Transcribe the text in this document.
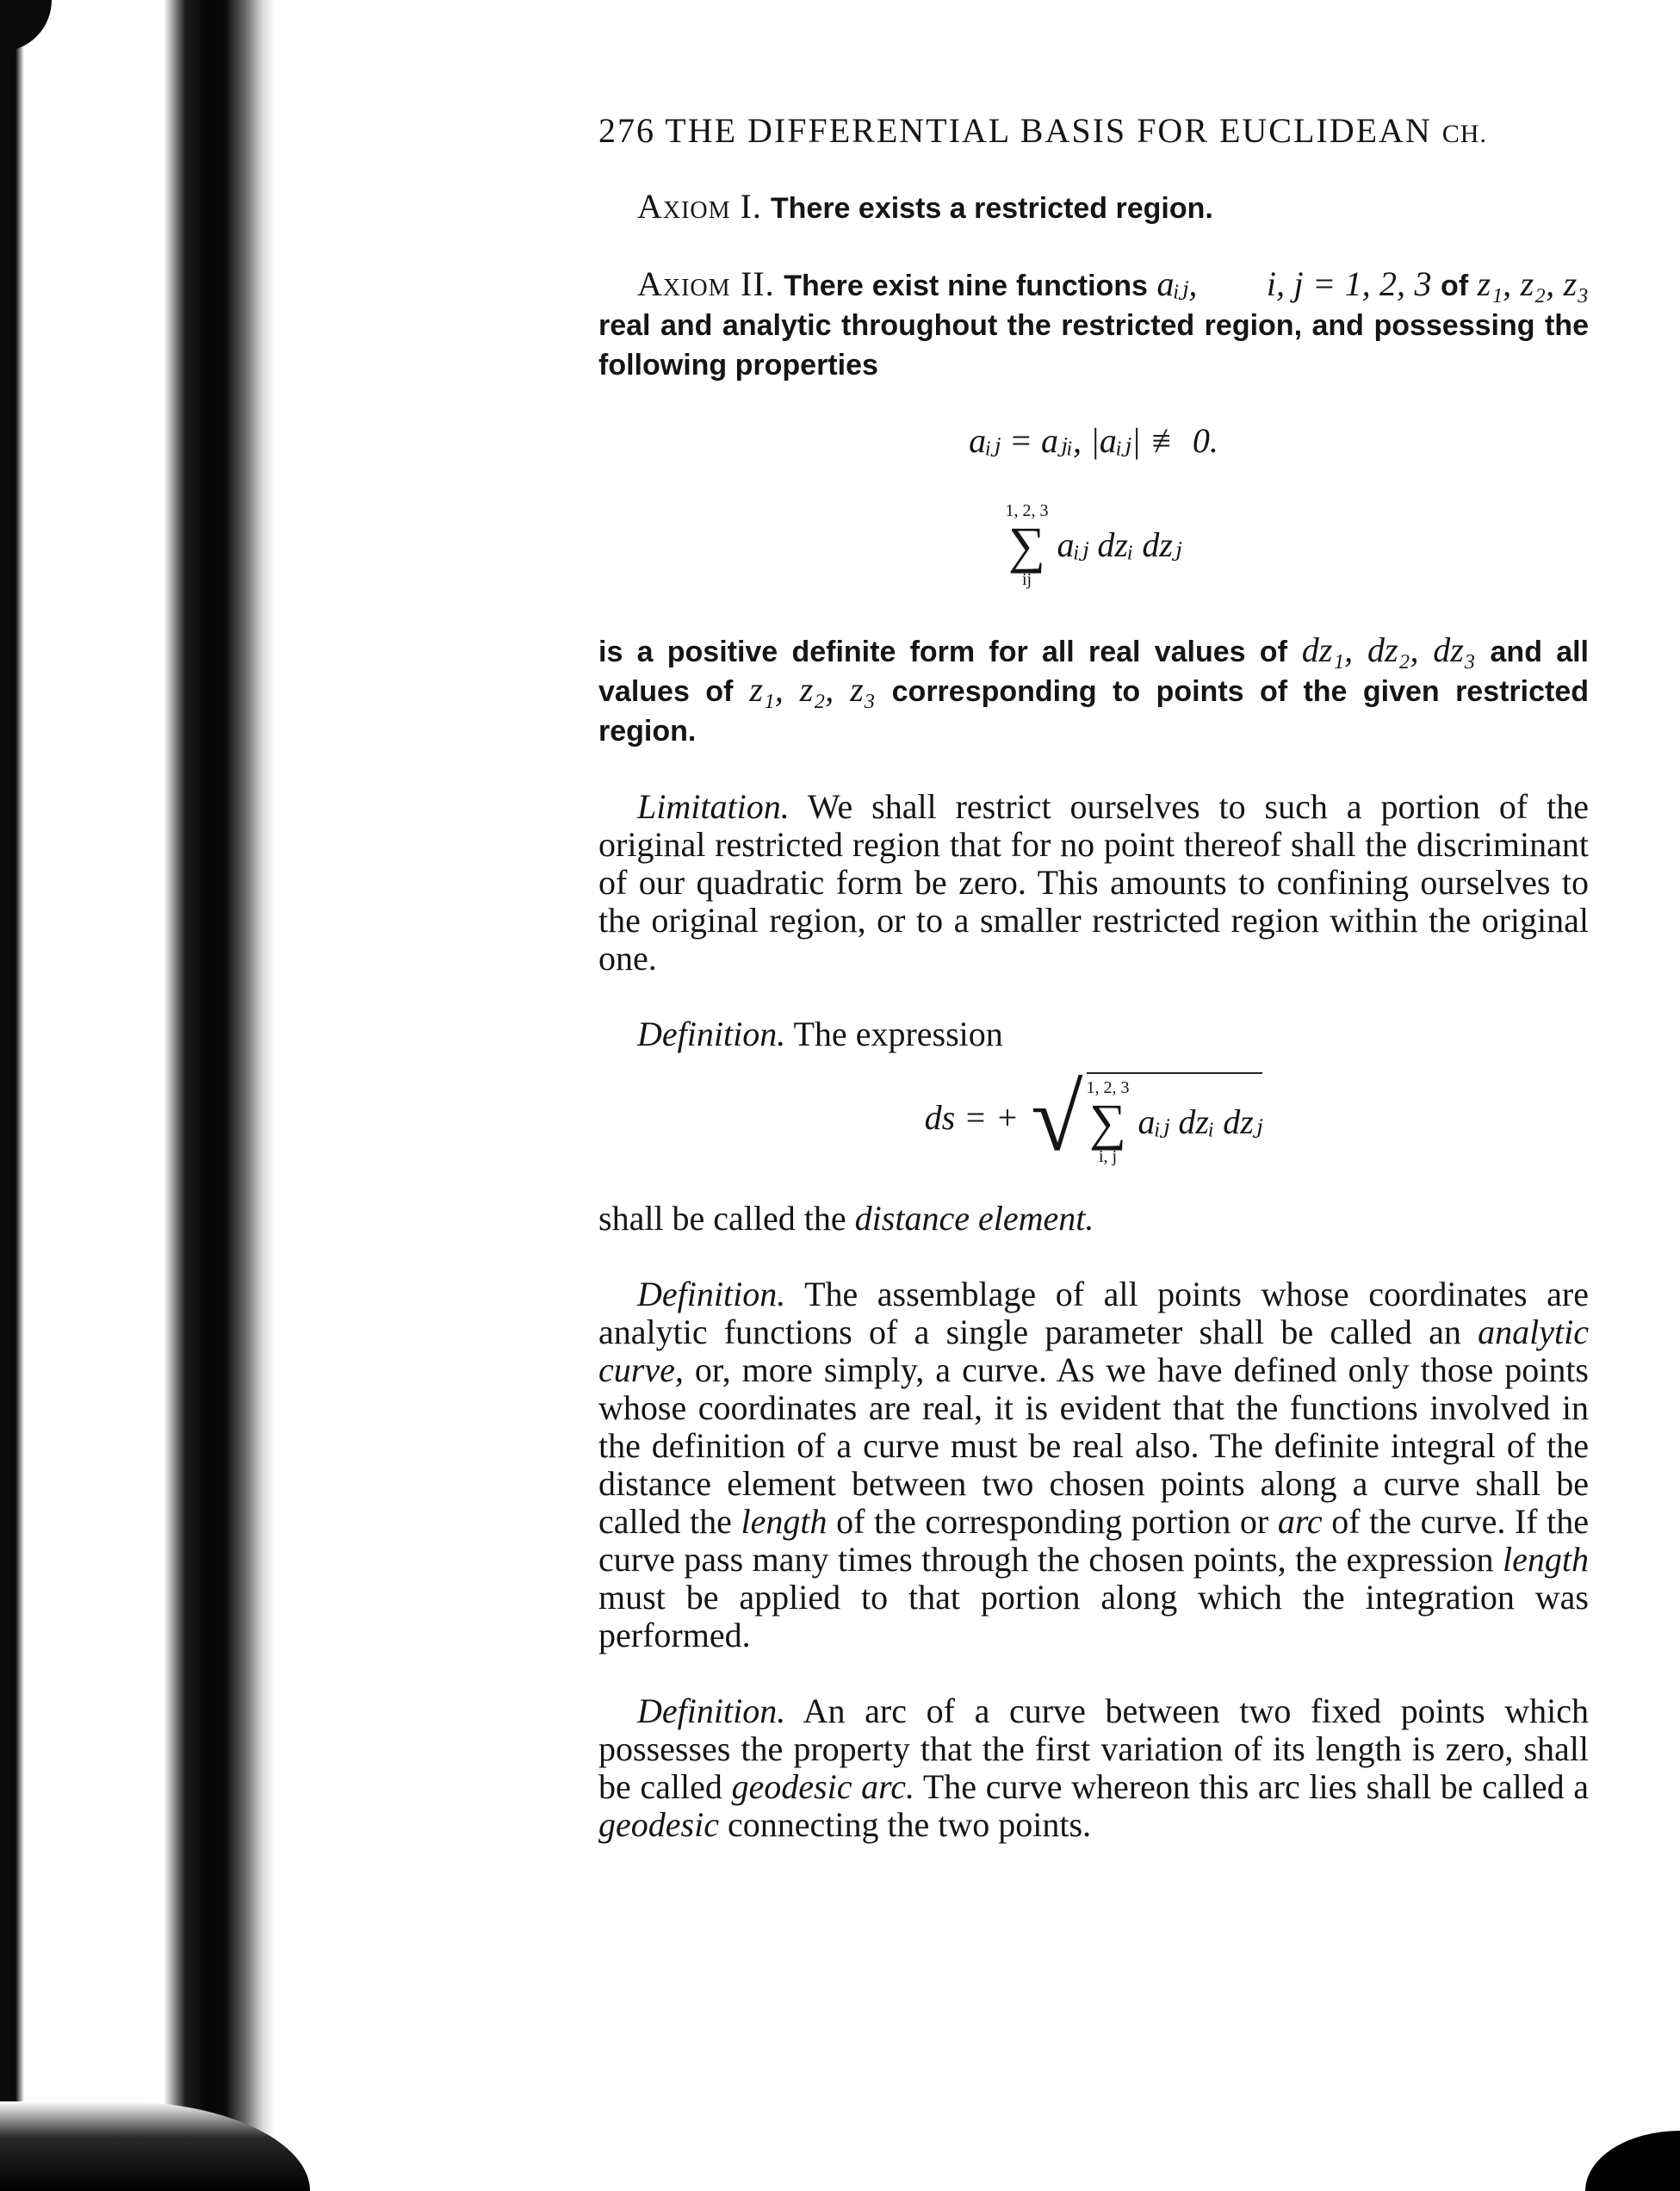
276 THE DIFFERENTIAL BASIS FOR EUCLIDEAN CH.

Axiom I. There exists a restricted region.

Axiom II. There exist nine functions aᵢⱼ, i, j = 1, 2, 3 of z₁, z₂, z₃ real and analytic throughout the restricted region, and possessing the following properties

aᵢⱼ = aⱼᵢ, |aᵢⱼ| ≢ 0.
1, 2, 3
∑
ij
aᵢⱼ dzᵢ dzⱼ

is a positive definite form for all real values of dz₁, dz₂, dz₃ and all values of z₁, z₂, z₃ corresponding to points of the given restricted region.

Limitation. We shall restrict ourselves to such a portion of the original restricted region that for no point thereof shall the discriminant of our quadratic form be zero. This amounts to confining ourselves to the original region, or to a smaller restricted region within the original one.

Definition. The expression

ds = + √ 1, 2, 3
∑
i, j
aᵢⱼ dzᵢ dzⱼ

shall be called the distance element.

Definition. The assemblage of all points whose coordinates are analytic functions of a single parameter shall be called an analytic curve, or, more simply, a curve. As we have defined only those points whose coordinates are real, it is evident that the functions involved in the definition of a curve must be real also. The definite integral of the distance element between two chosen points along a curve shall be called the length of the corresponding portion or arc of the curve. If the curve pass many times through the chosen points, the expression length must be applied to that portion along which the integration was performed.

Definition. An arc of a curve between two fixed points which possesses the property that the first variation of its length is zero, shall be called geodesic arc. The curve whereon this arc lies shall be called a geodesic connecting the two points.
